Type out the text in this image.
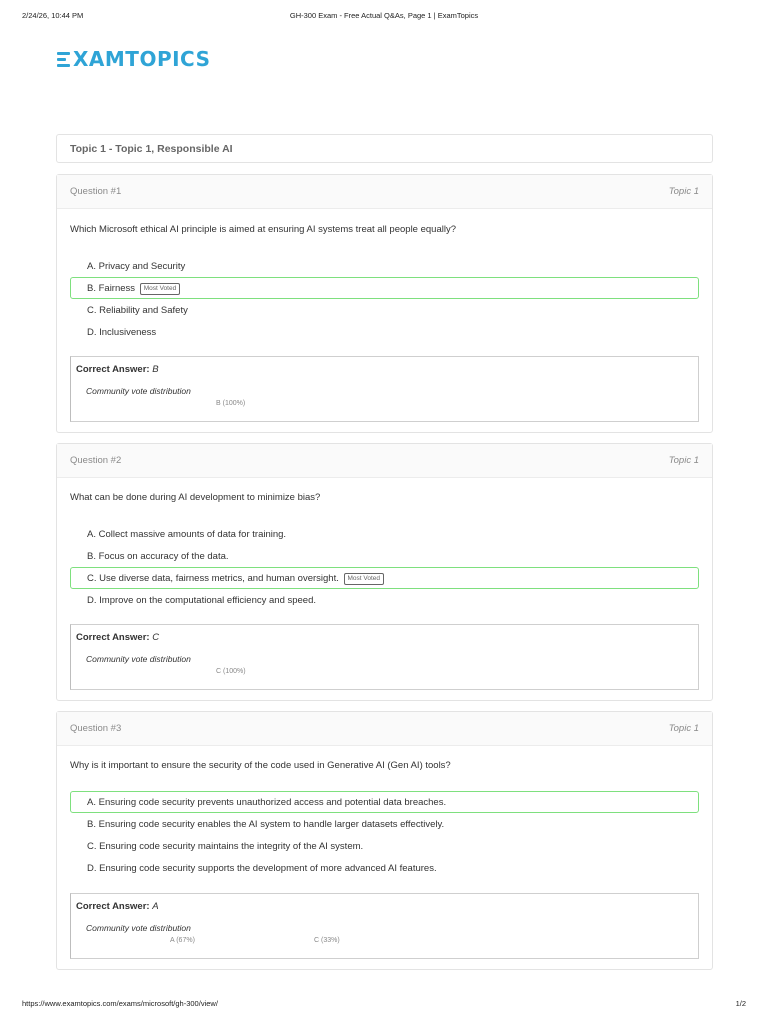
2/24/26, 10:44 PM	GH-300 Exam - Free Actual Q&As, Page 1 | ExamTopics
XAMTOPICS
Topic 1 - Topic 1, Responsible AI
Question #1	Topic 1
Which Microsoft ethical AI principle is aimed at ensuring AI systems treat all people equally?
A. Privacy and Security
B. Fairness Most Voted
C. Reliability and Safety
D. Inclusiveness
Correct Answer: B
Community vote distribution
B (100%)
Question #2	Topic 1
What can be done during AI development to minimize bias?
A. Collect massive amounts of data for training.
B. Focus on accuracy of the data.
C. Use diverse data, fairness metrics, and human oversight. Most Voted
D. Improve on the computational efficiency and speed.
Correct Answer: C
Community vote distribution
C (100%)
Question #3	Topic 1
Why is it important to ensure the security of the code used in Generative AI (Gen AI) tools?
A. Ensuring code security prevents unauthorized access and potential data breaches.
B. Ensuring code security enables the AI system to handle larger datasets effectively.
C. Ensuring code security maintains the integrity of the AI system.
D. Ensuring code security supports the development of more advanced AI features.
Correct Answer: A
Community vote distribution
A (67%)	C (33%)
https://www.examtopics.com/exams/microsoft/gh-300/view/	1/2
